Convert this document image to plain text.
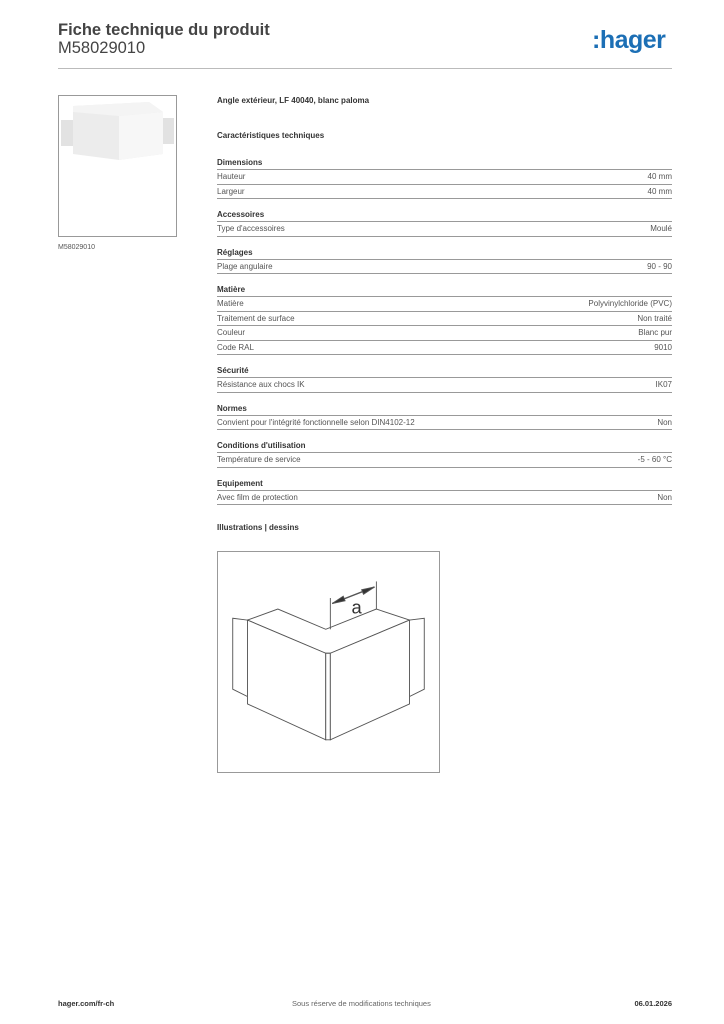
Fiche technique du produit
M58029010	:hager
M58029010
Angle extérieur, LF 40040, blanc paloma
Caractéristiques techniques
Dimensions
Hauteur	40 mm
Largeur	40 mm
Accessoires
Type d'accessoires	Moulé
Réglages
Plage angulaire	90 - 90
Matière
Matière	Polyvinylchloride (PVC)
Traitement de surface	Non traité
Couleur	Blanc pur
Code RAL	9010
Sécurité
Résistance aux chocs IK	IK07
Normes
Convient pour l'intégrité fonctionnelle selon DIN4102-12	Non
Conditions d'utilisation
Température de service	-5 - 60 °C
Equipement
Avec film de protection	Non
Illustrations | dessins
a
hager.com/fr-ch	Sous réserve de modifications techniques	06.01.2026
